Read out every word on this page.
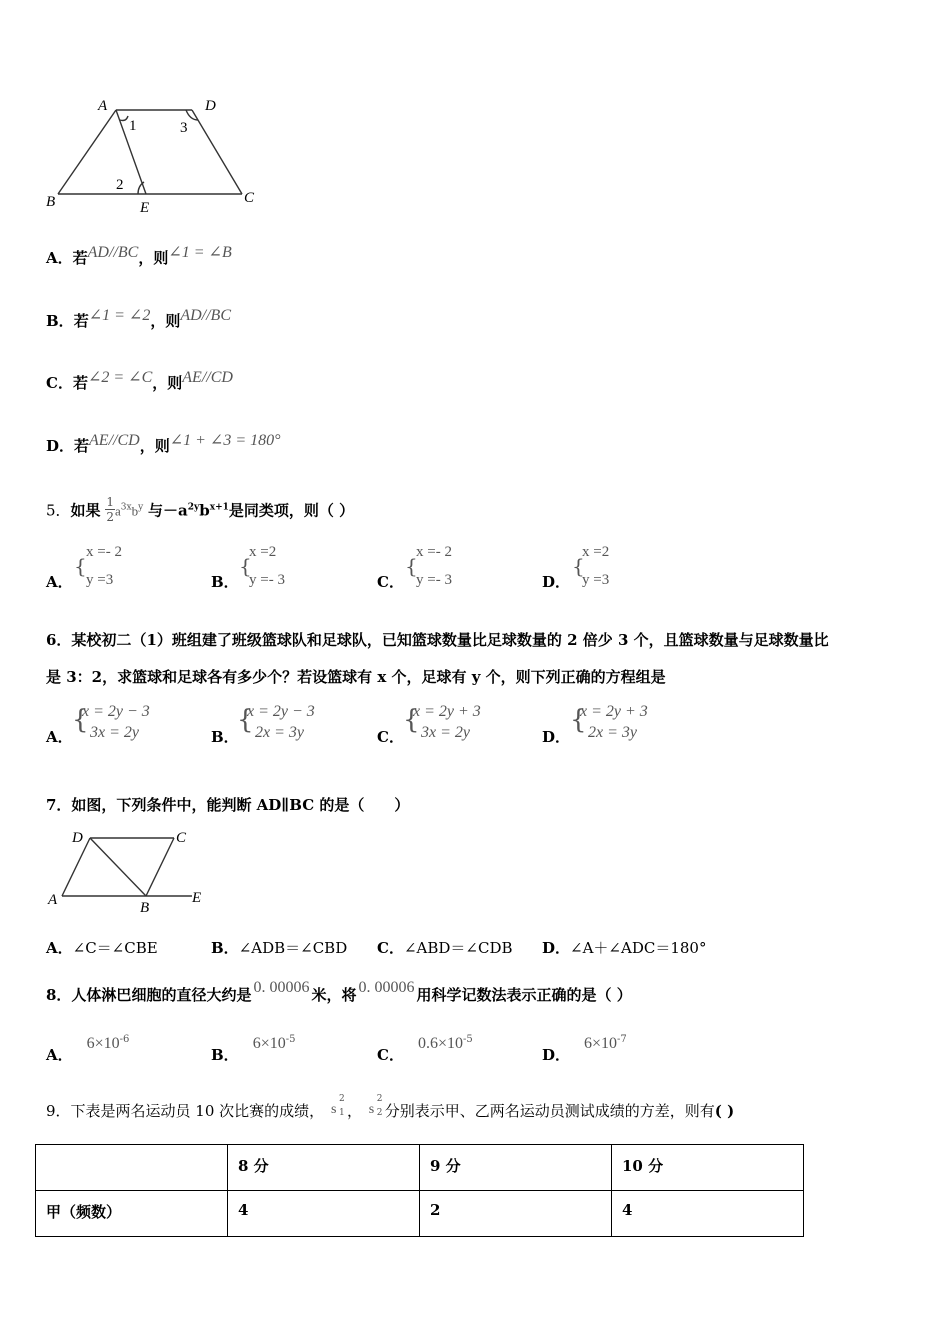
A	D
B	E
C
1
2
3
A．若AD//BC，则∠1 = ∠B
B．若∠1 = ∠2，则AD//BC
C．若∠2 = ∠C，则AE//CD
D．若AE//CD，则∠1 + ∠3 = 180°
5．如果 $\frac{1}{2} a^{3x}b^y$ 与$-a^{2y}b^{x+1}$是同类项，则（ ）
A．
{
x =- 2
y =3	B．
{
x =2
y =- 3	C．
{
x =- 2
y =- 3	D．
{
x =2
y =3
6．某校初二（1）班组建了班级篮球队和足球队，已知篮球数量比足球数量的 2 倍少 3 个，且篮球数量与足球数量比
是 3：2，求篮球和足球各有多少个？若设篮球有 x 个，足球有 y 个，则下列正确的方程组是
A．
{
x = 2y − 3
3x = 2y	B．
{
x = 2y − 3
2x = 3y	C．
{
x = 2y + 3
3x = 2y	D．
{
x = 2y + 3
2x = 3y
7．如图，下列条件中，能判断 AD∥BC 的是（　　）
D	C
A	B
E
A．∠C＝∠CBE	B．∠ADB＝∠CBD C．∠ABD＝∠CDB D．∠A＋∠ADC＝180°
8．人体淋巴细胞的直径大约是 0. 00006 米，将 0. 00006 用科学记数法表示正确的是（ ）
A．$6\times 10^{-6}$
B．$6\times 10^{-5}$
C．$0.6\times 10^{-5}$
D．$6\times 10^{-7}$
9．下表是两名运动员 10 次比赛的成绩， s
2
1 ， s
2
2 分别表示甲、乙两名运动员测试成绩的方差，则有( )
	8 分	9 分	10 分
甲（频数）	4	2	4
